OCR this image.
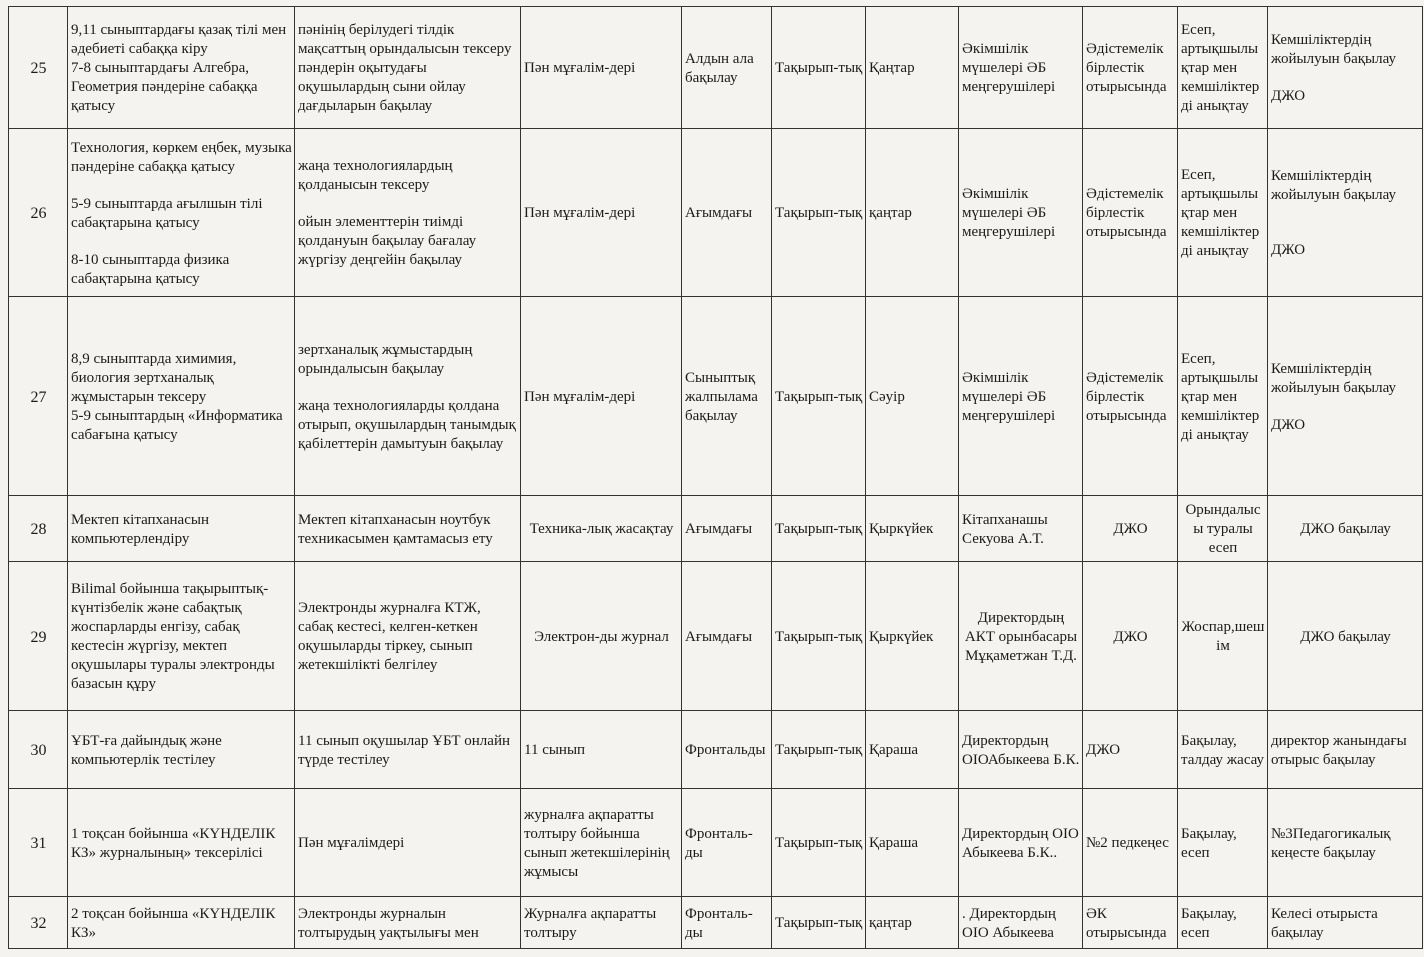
25	9,11 сыныптардағы қазақ тілі мен әдебиеті сабаққа кіру
7-8 сыныптардағы Алгебра, Геометрия пәндеріне сабаққа қатысу	пәнінің берілудегі тілдік мақсаттың орындалысын тексеру пәндерін оқытудағы оқушылардың сыни ойлау дағдыларын бақылау	Пән мұғалім-дері	Алдын ала бақылау	Тақырып-тық	Қаңтар	Әкімшілік мүшелері ӘБ меңгерушілері	Әдістемелік бірлестік отырысында	Есеп, артықшылықтар мен кемшіліктерді анықтау	Кемшіліктердің жойылуын бақылау
ДЖО

26	Технология, көркем еңбек, музыка пәндеріне сабаққа қатысу
5-9 сыныптарда ағылшын тілі сабақтарына қатысу
8-10 сыныптарда физика сабақтарына қатысу	жаңа технологиялардың қолданысын тексеру
ойын элементтерін тиімді қолдануын бақылау бағалау жүргізу деңгейін бақылау	Пән мұғалім-дері	Ағымдағы	Тақырып-тық	қаңтар	Әкімшілік мүшелері ӘБ меңгерушілері	Әдістемелік бірлестік отырысында	Есеп, артықшылықтар мен кемшіліктерді анықтау	Кемшіліктердің жойылуын бақылау
ДЖО

27	8,9 сыныптарда химимия, биология зертханалық жұмыстарын тексеру
5-9 сыныптардың «Информатика сабағына қатысу	зертханалық жұмыстардың орындалысын бақылау
жаңа технологияларды қолдана отырып, оқушылардың танымдық қабілеттерін дамытуын бақылау	Пән мұғалім-дері	Сыныптық жалпылама бақылау	Тақырып-тық	Сәуір	Әкімшілік мүшелері ӘБ меңгерушілері	Әдістемелік бірлестік отырысында	Есеп, артықшылықтар мен кемшіліктерді анықтау	Кемшіліктердің жойылуын бақылау
ДЖО

28	Мектеп кітапханасын компьютерлендіру	Мектеп кітапханасын ноутбук техникасымен қамтамасыз ету	Техника-лық жасақтау	Ағымдағы	Тақырып-тық	Қыркүйек	Кітапханашы Секуова А.Т.	ДЖО	Орындалысы туралы есеп	ДЖО бақылау

29	Bilimal бойынша тақырыптық-күнтізбелік және сабақтық жоспарларды енгізу, сабақ кестесін жүргізу, мектеп оқушылары туралы электронды базасын құру	Электронды журналға КТЖ, сабақ кестесі, келген-кеткен оқушыларды тіркеу, сынып жетекшілікті белгілеу	Электрон-ды журнал	Ағымдағы	Тақырып-тық	Қыркүйек	Директордың АКТ орынбасары Мұқаметжан Т.Д.	ДЖО	Жоспар,шешім	ДЖО бақылау

30	ҰБТ-ға дайындық және компьютерлік тестілеу	11 сынып оқушылар ҰБТ онлайн түрде тестілеу	11 сынып	Фронтальды	Тақырып-тық	Қараша	Директордың ОІОАбыкеева Б.К.	ДЖО	Бақылау, талдау жасау	директор жанындағы отырыс бақылау

31	1 тоқсан бойынша «КҮНДЕЛІК КЗ» журналының» тексерілісі	Пән мұғалімдері	журналға ақпаратты толтыру бойынша сынып жетекшілерінің жұмысы	Фронталь-ды	Тақырып-тық	Қараша	Директордың ОІО Абыкеева Б.К..	№2 педкеңес	Бақылау, есеп	№3Педагогикалық кеңесте бақылау

32	2 тоқсан бойынша «КҮНДЕЛІК КЗ»	Электронды журналын толтырудың уақтылығы мен	Журналға ақпаратты толтыру	Фронталь-ды	Тақырып-тық	қаңтар	. Директордың ОІО Абыкеева	ӘК отырысында	Бақылау, есеп	Келесі отырыста бақылау
